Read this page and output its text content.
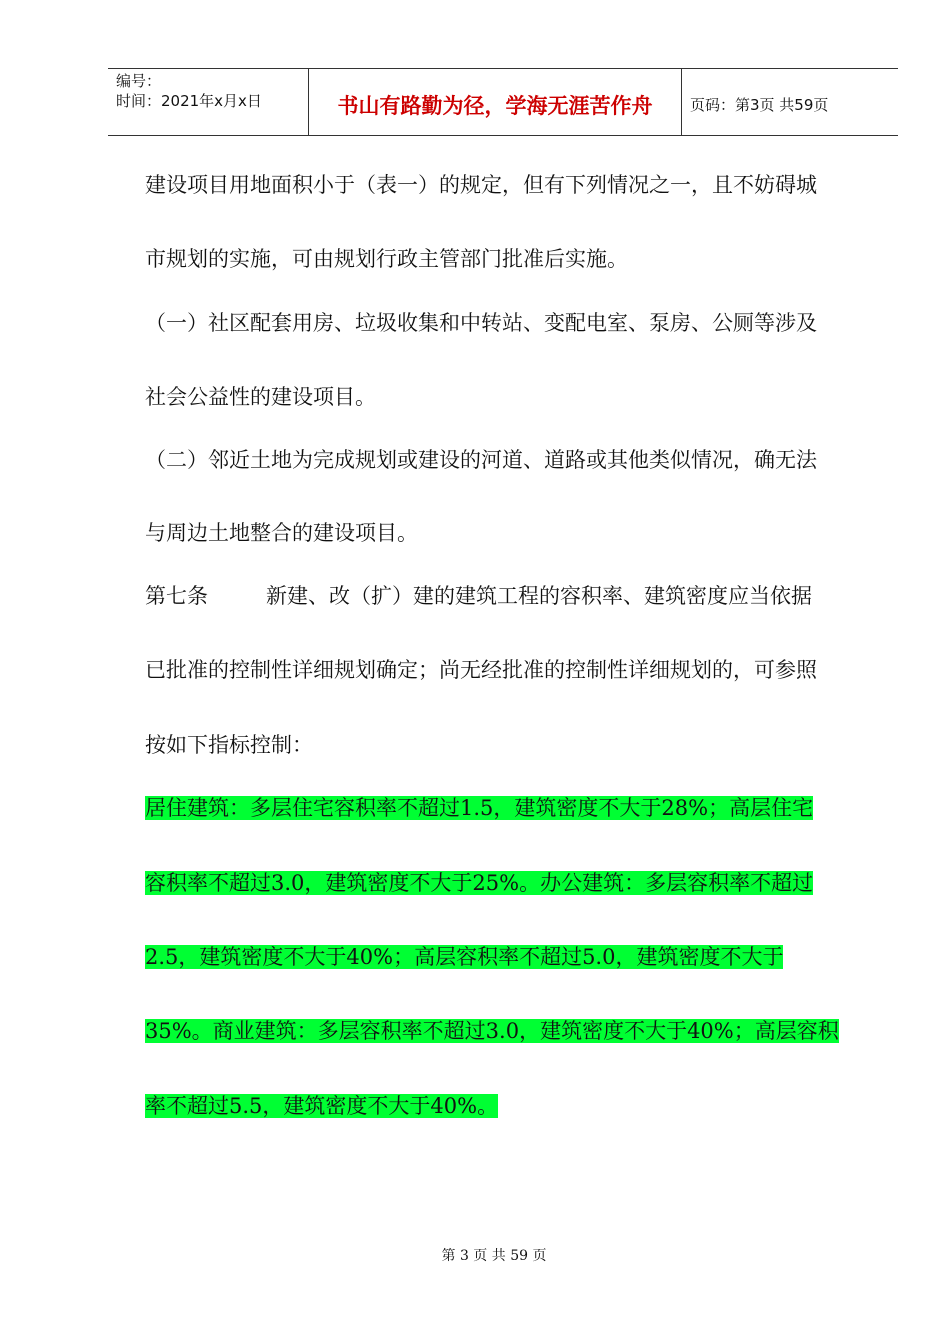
编号：
时间：2021年x月x日	书山有路勤为径，学海无涯苦作舟	页码：第3页 共59页
建设项目用地面积小于（表一）的规定，但有下列情况之一，且不妨碍城
市规划的实施，可由规划行政主管部门批准后实施。
（一）社区配套用房、垃圾收集和中转站、变配电室、泵房、公厕等涉及
社会公益性的建设项目。
（二）邻近土地为完成规划或建设的河道、道路或其他类似情况，确无法
与周边土地整合的建设项目。
第七条	新建、改（扩）建的建筑工程的容积率、建筑密度应当依据
已批准的控制性详细规划确定；尚无经批准的控制性详细规划的，可参照
按如下指标控制：
居住建筑：多层住宅容积率不超过1.5，建筑密度不大于28%；高层住宅
容积率不超过3.0，建筑密度不大于25%。办公建筑：多层容积率不超过
2.5，建筑密度不大于40%；高层容积率不超过5.0，建筑密度不大于
35%。商业建筑：多层容积率不超过3.0，建筑密度不大于40%；高层容积
率不超过5.5，建筑密度不大于40%。
第 3 页 共 59 页
